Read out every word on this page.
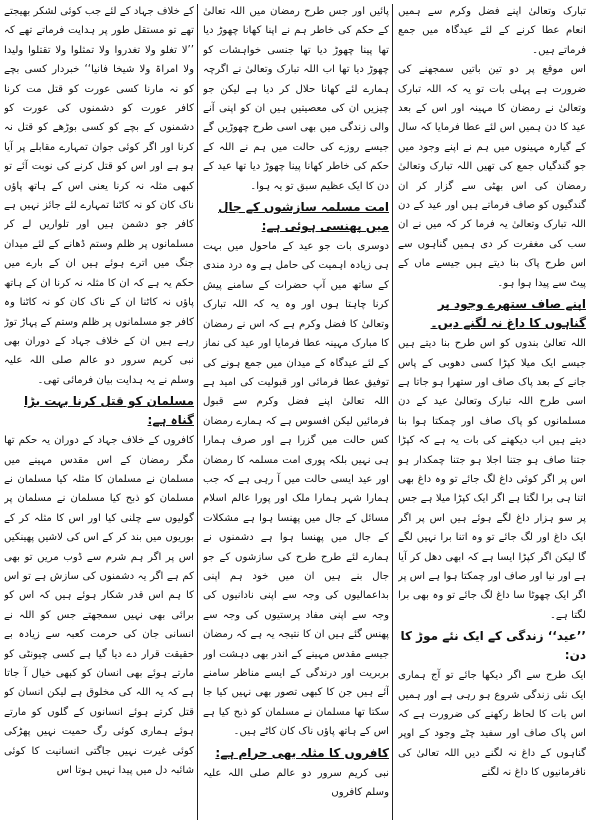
تبارک وتعالیٰ اپنے فضل وکرم سے ہمیں انعام عطا کرنے کے لئے عیدگاہ میں جمع فرماتے ہیں۔

اس موقع پر دو تین باتیں سمجھنے کی ضرورت ہے پہلی بات تو یہ کہ اللہ تبارک وتعالیٰ نے رمضان کا مہینہ اور اس کے بعد عید کا دن ہمیں اس لئے عطا فرمایا کہ سال کے گیارہ مہینوں میں ہم نے اپنے وجود میں جو گندگیاں جمع کی تھیں اللہ تبارک وتعالیٰ رمضان کی اس بھٹی سے گزار کر ان گندگیوں کو صاف فرماتے ہیں اور عید کے دن اللہ تبارک وتعالیٰ یہ فرما کر کہ میں نے ان سب کی مغفرت کر دی ہمیں گناہوں سے اس طرح پاک بنا دیتے ہیں جیسے ماں کے پیٹ سے پیدا ہوا ہو۔

اپنے صاف ستھرے وجود پر گناہوں کا داغ نہ لگنے دیں۔

اللہ تعالیٰ بندوں کو اس طرح بنا دیتے ہیں جیسے ایک میلا کپڑا کسی دھوبی کے پاس جانے کے بعد پاک صاف اور ستھرا ہو جاتا ہے اسی طرح اللہ تبارک وتعالیٰ عید کے دن مسلمانوں کو پاک صاف اور چمکتا ہوا بنا دیتے ہیں اب دیکھنے کی بات یہ ہے کہ کپڑا جتنا صاف ہو جتنا اجلا ہو جتنا چمکدار ہو اس پر اگر کوئی داغ لگ جائے تو وہ داغ بھی اتنا ہی برا لگتا ہے اگر ایک کپڑا میلا ہے جس پر سو ہزار داغ لگے ہوئے ہیں اس پر اگر ایک داغ اور لگ جائے تو وہ اتنا برا نہیں لگے گا لیکن اگر کپڑا ایسا ہے کہ ابھی دھل کر آیا ہے اور نیا اور صاف اور چمکتا ہوا ہے اس پر اگر ایک چھوٹا سا داغ لگ جائے تو وہ بھی برا لگتا ہے۔

’’عید‘‘ زندگی کے ایک نئے موڑ کا دن:

ایک طرح سے اگر دیکھا جائے تو آج ہماری ایک نئی زندگی شروع ہو رہی ہے اور ہمیں اس بات کا لحاظ رکھنے کی ضرورت ہے کہ اس پاک صاف اور سفید چٹے وجود کے اوپر گناہوں کے داغ نہ لگنے دیں اللہ تعالیٰ کی نافرمانیوں کا داغ نہ لگنے

پائیں اور جس طرح رمضان میں اللہ تعالیٰ کے حکم کی خاطر ہم نے اپنا کھانا چھوڑ دیا تھا پینا چھوڑ دیا تھا جنسی خواہشات کو چھوڑ دیا تھا اب اللہ تبارک وتعالیٰ نے اگرچہ ہمارے لئے کھانا حلال کر دیا ہے لیکن جو چیزیں ان کی معصیتیں ہیں ان کو اپنی آنے والی زندگی میں بھی اسی طرح چھوڑیں گے جیسے روزے کی حالت میں ہم نے اللہ کے حکم کی خاطر کھانا پینا چھوڑ دیا تھا عید کے دن کا ایک عظیم سبق تو یہ ہوا۔

امت مسلمہ سازشوں کے جال میں پھنسی ہوئی ہے:

دوسری بات جو عید کے ماحول میں بہت ہی زیادہ اہمیت کی حامل ہے وہ درد مندی کے ساتھ میں آپ حضرات کے سامنے پیش کرنا چاہتا ہوں اور وہ یہ کہ اللہ تبارک وتعالیٰ کا فضل وکرم ہے کہ اس نے رمضان کا مبارک مہینہ عطا فرمایا اور عید کی نماز کے لئے عیدگاہ کے میدان میں جمع ہونے کی توفیق عطا فرمائی اور قبولیت کی امید ہے اللہ تعالیٰ اپنے فضل وکرم سے قبول فرمائیں لیکن افسوس ہے کہ ہمارے رمضان کس حالت میں گزرا ہے اور صرف ہمارا ہی نہیں بلکہ پوری امت مسلمہ کا رمضان اور عید ایسی حالت میں آ رہی ہے کہ جب ہمارا شہر ہمارا ملک اور پورا عالم اسلام مسائل کے جال میں پھنسا ہوا ہے مشکلات کے جال میں پھنسا ہوا ہے دشمنوں نے ہمارے لئے طرح طرح کی سازشوں کے جو جال بنے ہیں ان میں خود ہم اپنی بداعمالیوں کی وجہ سے اپنی نادانیوں کی وجہ سے اپنی مفاد پرستیوں کی وجہ سے پھنس گئے ہیں ان کا نتیجہ یہ ہے کہ رمضان جیسے مقدس مہینے کے اندر بھی دہشت اور بربریت اور درندگی کے ایسے مناظر سامنے آئے ہیں جن کا کبھی تصور بھی نہیں کیا جا سکتا تھا مسلمان نے مسلمان کو ذبح کیا ہے اس کے ہاتھ پاؤں ناک کان کاٹے ہیں۔

کافروں کا مثلہ بھی حرام ہے:

نبی کریم سرور دو عالم صلی اللہ علیہ وسلم کافروں

کے خلاف جہاد کے لئے جب کوئی لشکر بھیجتے تھے تو مستقل طور پر ہدایت فرماتے تھے کہ ’’لا تغلو ولا تغدروا ولا تمثلوا ولا تقتلوا ولیدا ولا امراۃ ولا شیخا فانیا‘‘ خبردار کسی بچے کو نہ مارنا کسی عورت کو قتل مت کرنا کافر عورت کو دشمنوں کی عورت کو دشمنوں کے بچے کو کسی بوڑھے کو قتل نہ کرنا اور اگر کوئی جوان تمہارے مقابلے پر آیا ہو ہے اور اس کو قتل کرنے کی نوبت آئے تو کبھی مثلہ نہ کرنا یعنی اس کے ہاتھ پاؤں ناک کان کو نہ کاٹنا تمہارے لئے جائز نہیں ہے کافر جو دشمن ہیں اور تلواریں لے کر مسلمانوں پر ظلم وستم ڈھانے کے لئے میدان جنگ میں اترے ہوئے ہیں ان کے بارے میں حکم یہ ہے کہ ان کا مثلہ نہ کرنا ان کے ہاتھ پاؤں نہ کاٹنا ان کے ناک کان کو نہ کاٹنا وہ کافر جو مسلمانوں پر ظلم وستم کے پہاڑ توڑ رہے ہیں ان کے خلاف جہاد کے دوران بھی نبی کریم سرور دو عالم صلی اللہ علیہ وسلم نے یہ ہدایت بیان فرمائی تھی۔

مسلمان کو قتل کرنا بہت بڑا گناہ ہے:

کافروں کے خلاف جہاد کے دوران یہ حکم تھا مگر رمضان کے اس مقدس مہینے میں مسلمان نے مسلمان کا مثلہ کیا مسلمان نے مسلمان کو ذبح کیا مسلمان نے مسلمان پر گولیوں سے چلنی کیا اور اس کا مثلہ کر کے بوریوں میں بند کر کے اس کی لاشیں پھینکیں اس پر اگر ہم شرم سے ڈوب مریں تو بھی کم ہے اگر یہ دشمنوں کی سازش ہے تو اس کا ہم اس قدر شکار ہوئے ہیں کہ اس کو برائی بھی نہیں سمجھتے جس کو اللہ نے انسانی جان کی حرمت کعبہ سے زیادہ بے حقیقت قرار دے دیا گیا ہے کسی چیونٹی کو مارتے ہوئے بھی انسان کو کبھی خیال آ جاتا ہے کہ یہ اللہ کی مخلوق ہے لیکن انسان کو قتل کرتے ہوئے انسانوں کے گلوں کو مارتے ہوئے ہماری کوئی رگ حمیت نہیں پھڑکی کوئی غیرت نہیں جاگتی انسانیت کا کوئی شائبہ دل میں پیدا نہیں ہوتا اس
